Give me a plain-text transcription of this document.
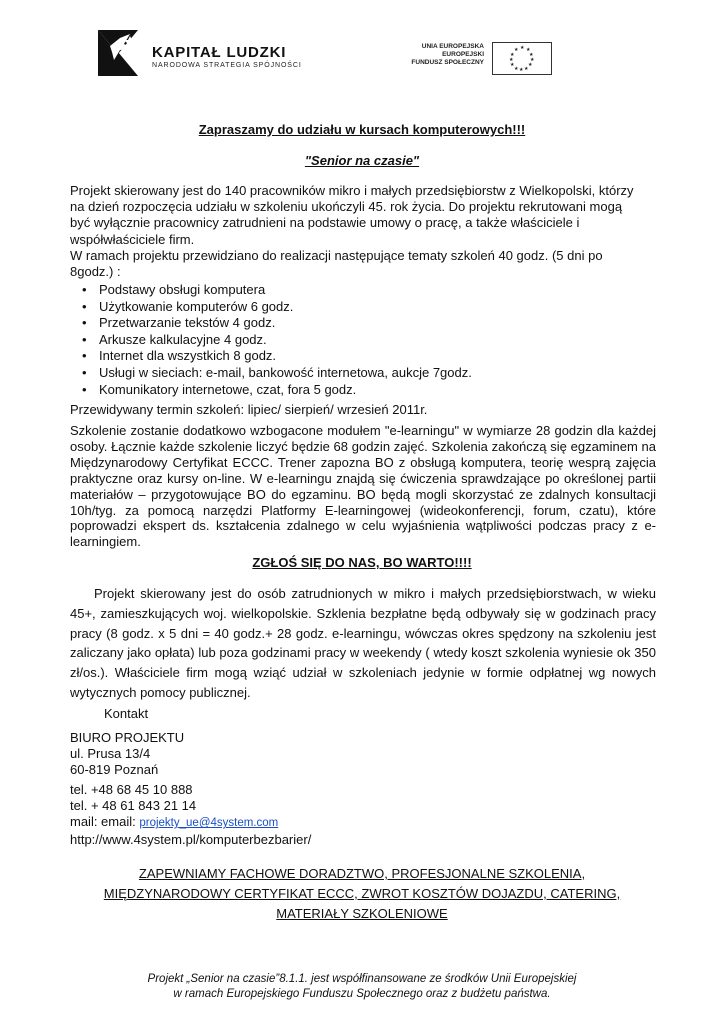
KAPITAŁ LUDZKI
NARODOWA STRATEGIA SPÓJNOŚCI
UNIA EUROPEJSKA
EUROPEJSKI
FUNDUSZ SPOŁECZNY
★ ★
★
★
★
★
★
★
★
★
★
★
Zapraszamy do udziału w kursach komputerowych!!!
"Senior na czasie"
Projekt skierowany jest do 140 pracowników mikro i małych przedsiębiorstw z Wielkopolski, którzy
na dzień rozpoczęcia udziału w szkoleniu ukończyli 45. rok życia. Do projektu rekrutowani mogą
być wyłącznie pracownicy zatrudnieni na podstawie umowy o pracę, a także właściciele i
współwłaściciele firm.
W ramach projektu przewidziano do realizacji następujące tematy szkoleń 40 godz. (5 dni po
8godz.) :
• Podstawy obsługi komputera
• Użytkowanie komputerów 6 godz.
• Przetwarzanie tekstów 4 godz.
• Arkusze kalkulacyjne 4 godz.
• Internet dla wszystkich 8 godz.
• Usługi w sieciach: e-mail, bankowość internetowa, aukcje 7godz.
• Komunikatory internetowe, czat, fora 5 godz.
Przewidywany termin szkoleń: lipiec/ sierpień/ wrzesień 2011r.
Szkolenie zostanie dodatkowo wzbogacone modułem "e-learningu" w wymiarze 28 godzin dla każdej osoby. Łącznie każde szkolenie liczyć będzie 68 godzin zajęć. Szkolenia zakończą się egzaminem na Międzynarodowy Certyfikat ECCC. Trener zapozna BO z obsługą komputera, teorię wesprą zajęcia praktyczne oraz kursy on-line. W e-learningu znajdą się ćwiczenia sprawdzające po określonej partii materiałów – przygotowujące BO do egzaminu. BO będą mogli skorzystać ze zdalnych konsultacji 10h/tyg. za pomocą narzędzi Platformy E-learningowej (wideokonferencji, forum, czatu), które poprowadzi ekspert ds. kształcenia zdalnego w celu wyjaśnienia wątpliwości podczas pracy z e-learningiem.
ZGŁOŚ SIĘ DO NAS, BO WARTO!!!!
Projekt skierowany jest do osób zatrudnionych w mikro i małych przedsiębiorstwach, w wieku 45+, zamieszkujących woj. wielkopolskie. Szklenia bezpłatne będą odbywały się w godzinach pracy pracy (8 godz. x 5 dni = 40 godz.+ 28 godz. e-learningu, wówczas okres spędzony na szkoleniu jest zaliczany jako opłata) lub poza godzinami pracy w weekendy ( wtedy koszt szkolenia wyniesie ok 350 zł/os.). Właściciele firm mogą wziąć udział w szkoleniach jedynie w formie odpłatnej wg nowych wytycznych pomocy publicznej.
Kontakt
BIURO PROJEKTU
ul. Prusa 13/4
60-819 Poznań
tel. +48 68 45 10 888
tel. + 48 61 843 21 14
mail: email: projekty_ue@4system.com
http://www.4system.pl/komputerbezbarier/
ZAPEWNIAMY FACHOWE DORADZTWO, PROFESJONALNE SZKOLENIA,
MIĘDZYNARODOWY CERTYFIKAT ECCC, ZWROT KOSZTÓW DOJAZDU, CATERING,
MATERIAŁY SZKOLENIOWE
Projekt „Senior na czasie”8.1.1. jest współfinansowane ze środków Unii Europejskiej
w ramach Europejskiego Funduszu Społecznego oraz z budżetu państwa.
